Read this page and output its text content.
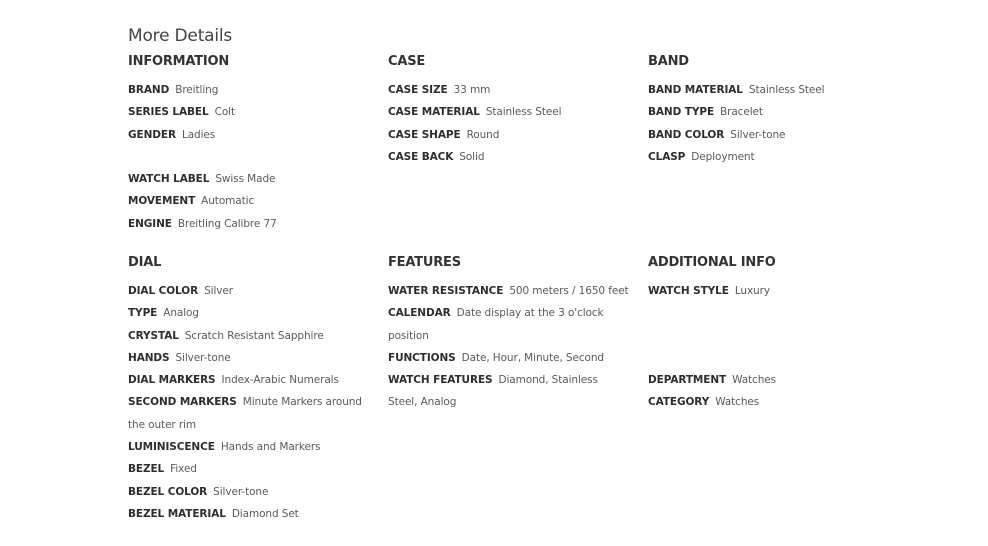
More Details
INFORMATION
BRAND Breitling
SERIES LABEL Colt
GENDER Ladies
WATCH LABEL Swiss Made
MOVEMENT Automatic
ENGINE Breitling Calibre 77
CASE
CASE SIZE 33 mm
CASE MATERIAL Stainless Steel
CASE SHAPE Round
CASE BACK Solid
BAND
BAND MATERIAL Stainless Steel
BAND TYPE Bracelet
BAND COLOR Silver-tone
CLASP Deployment
DIAL
DIAL COLOR Silver
TYPE Analog
CRYSTAL Scratch Resistant Sapphire
HANDS Silver-tone
DIAL MARKERS Index-Arabic Numerals
SECOND MARKERS Minute Markers around the outer rim
LUMINISCENCE Hands and Markers
BEZEL Fixed
BEZEL COLOR Silver-tone
BEZEL MATERIAL Diamond Set
FEATURES
WATER RESISTANCE 500 meters / 1650 feet
CALENDAR Date display at the 3 o'clock position
FUNCTIONS Date, Hour, Minute, Second
WATCH FEATURES Diamond, Stainless Steel, Analog
ADDITIONAL INFO
WATCH STYLE Luxury
DEPARTMENT Watches
CATEGORY Watches
